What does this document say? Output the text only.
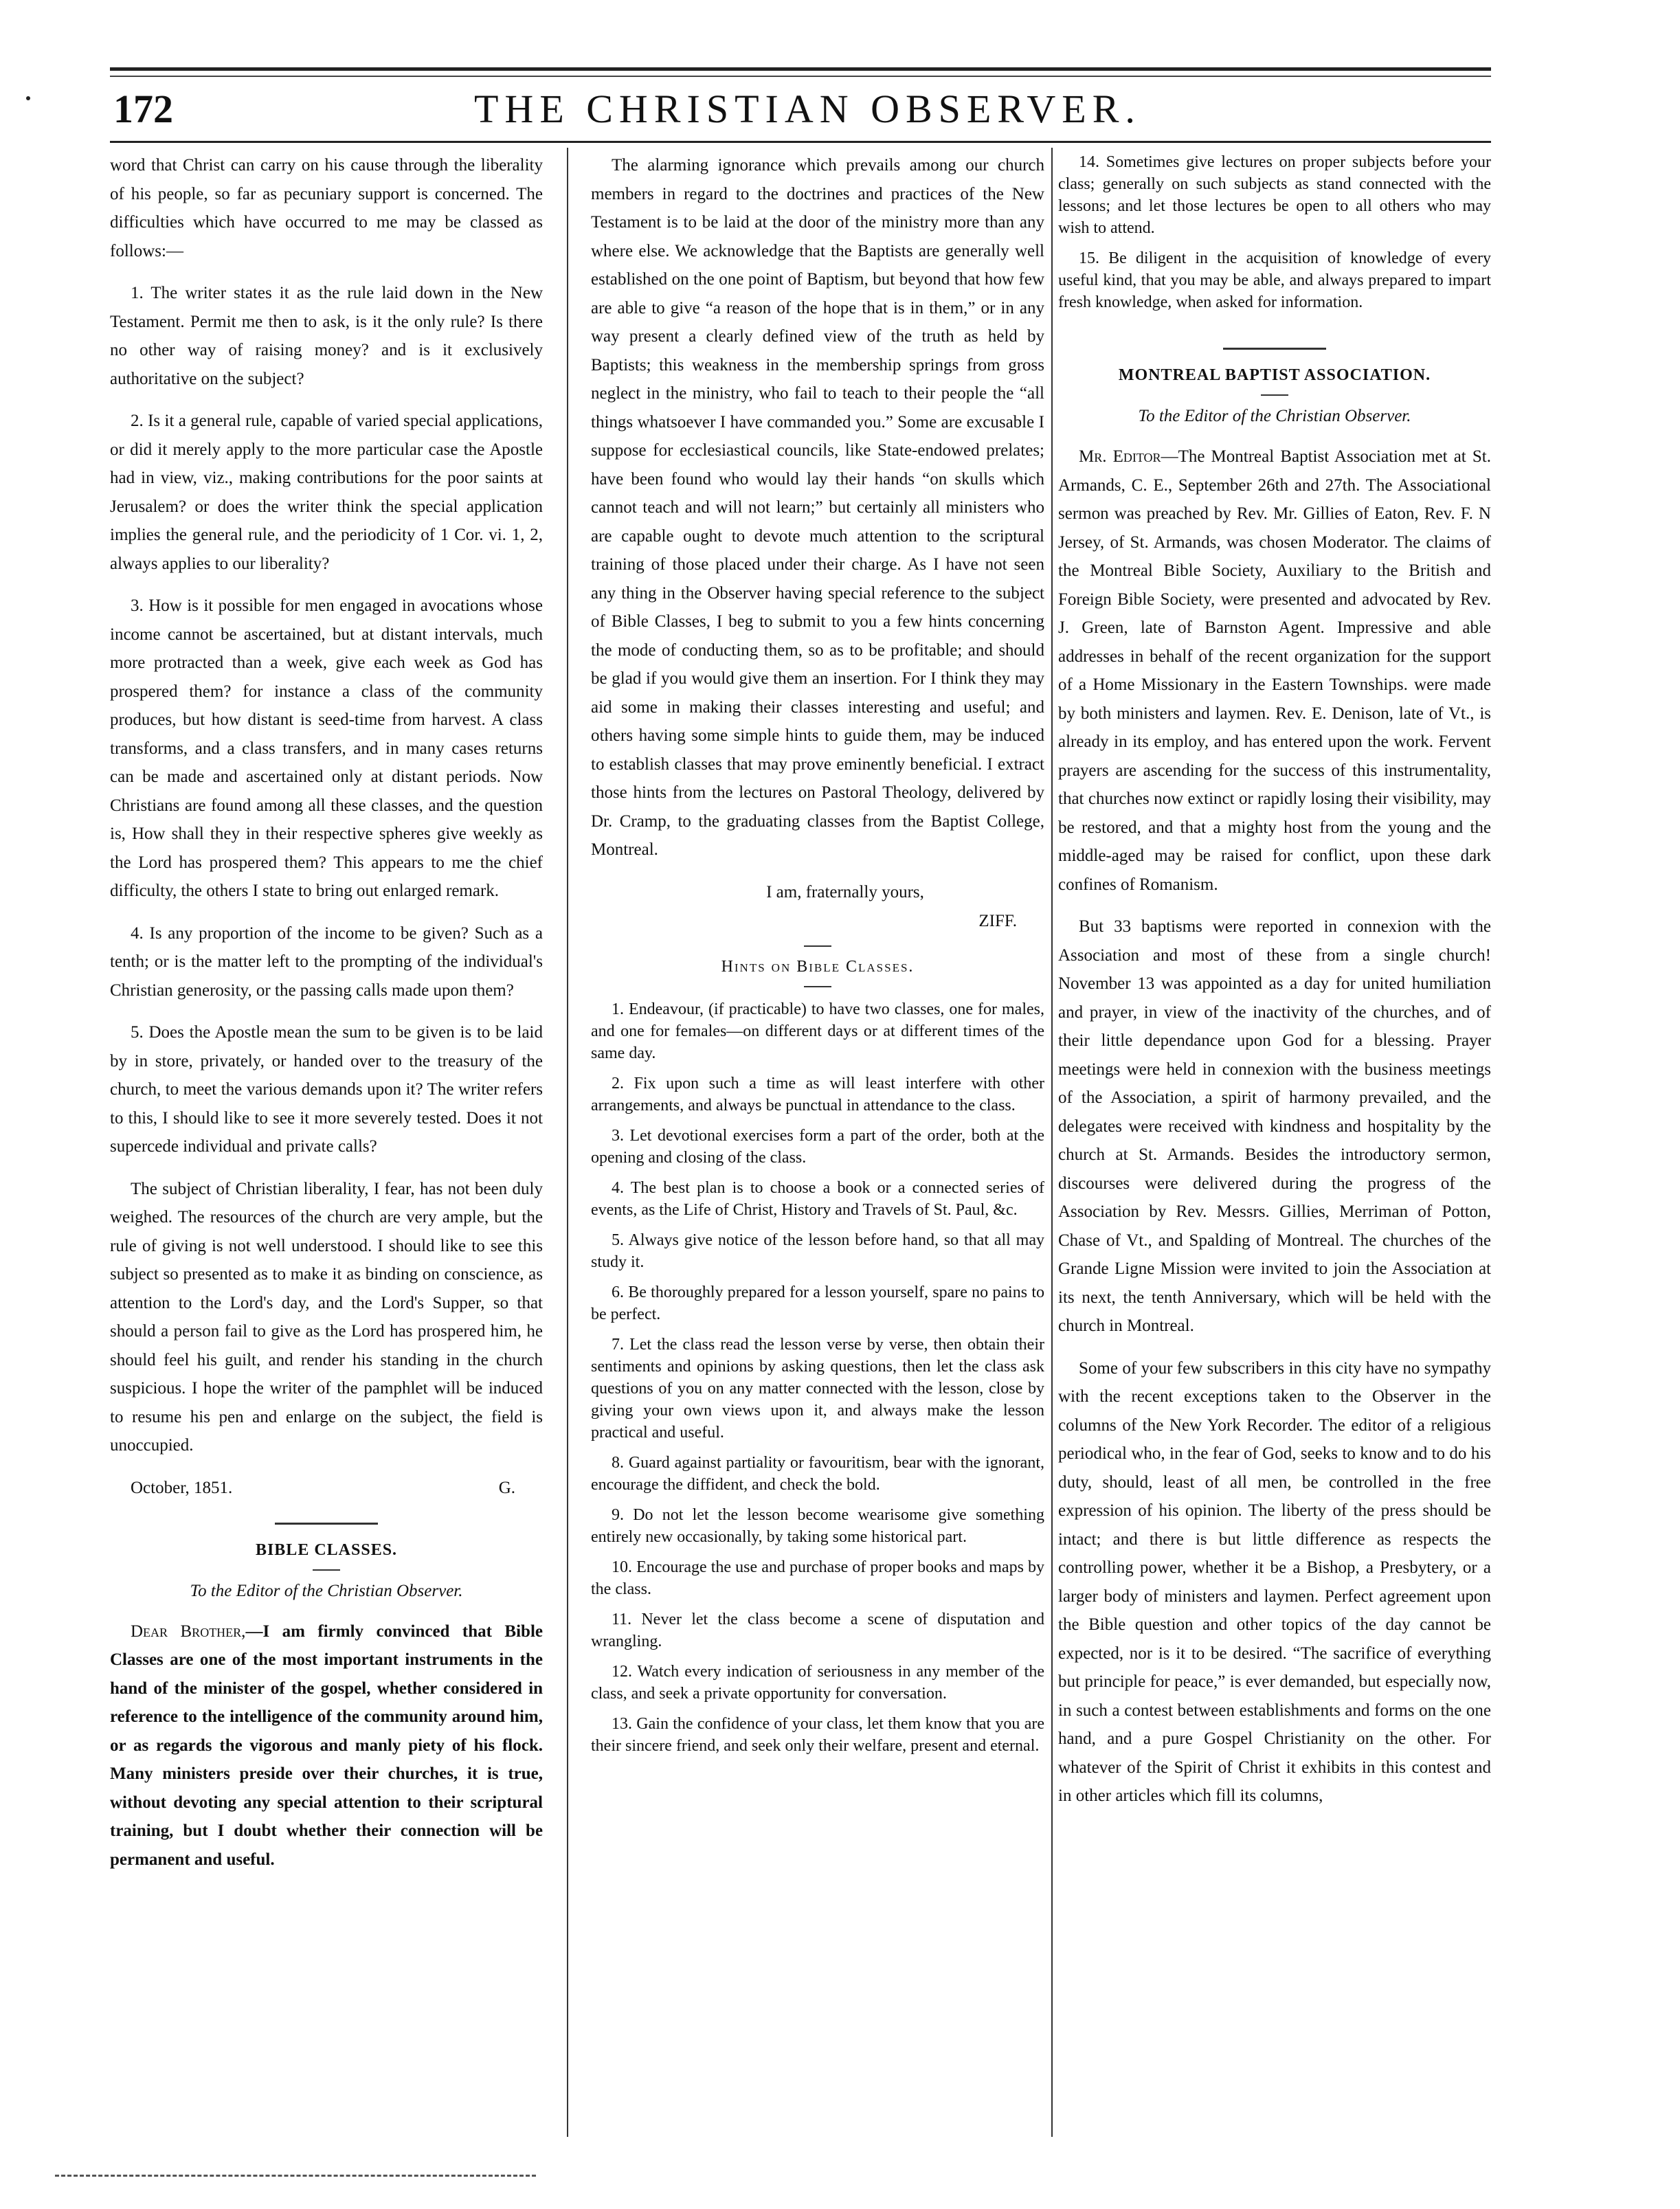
172	THE CHRISTIAN OBSERVER.

word that Christ can carry on his cause through the liberality of his people, so far as pecuniary support is concerned. The difficulties which have occurred to me may be classed as follows:—

1. The writer states it as the rule laid down in the New Testament. Permit me then to ask, is it the only rule? Is there no other way of raising money? and is it exclusively authoritative on the subject?

2. Is it a general rule, capable of varied special applications, or did it merely apply to the more particular case the Apostle had in view, viz., making contributions for the poor saints at Jerusalem? or does the writer think the special application implies the general rule, and the periodicity of 1 Cor. vi. 1, 2, always applies to our liberality?

3. How is it possible for men engaged in avocations whose income cannot be ascertained, but at distant intervals, much more protracted than a week, give each week as God has prospered them? for instance a class of the community produces, but how distant is seed-time from harvest. A class transforms, and a class transfers, and in many cases returns can be made and ascertained only at distant periods. Now Christians are found among all these classes, and the question is, How shall they in their respective spheres give weekly as the Lord has prospered them? This appears to me the chief difficulty, the others I state to bring out enlarged remark.

4. Is any proportion of the income to be given? Such as a tenth; or is the matter left to the prompting of the individual's Christian generosity, or the passing calls made upon them?

5. Does the Apostle mean the sum to be given is to be laid by in store, privately, or handed over to the treasury of the church, to meet the various demands upon it? The writer refers to this, I should like to see it more severely tested. Does it not supercede individual and private calls?

The subject of Christian liberality, I fear, has not been duly weighed. The resources of the church are very ample, but the rule of giving is not well understood. I should like to see this subject so presented as to make it as binding on conscience, as attention to the Lord's day, and the Lord's Supper, so that should a person fail to give as the Lord has prospered him, he should feel his guilt, and render his standing in the church suspicious. I hope the writer of the pamphlet will be induced to resume his pen and enlarge on the subject, the field is unoccupied.

October, 1851.	G.
BIBLE CLASSES.
To the Editor of the Christian Observer.

Dear Brother,—I am firmly convinced that Bible Classes are one of the most important instruments in the hand of the minister of the gospel, whether considered in reference to the intelligence of the community around him, or as regards the vigorous and manly piety of his flock. Many ministers preside over their churches, it is true, without devoting any special attention to their scriptural training, but I doubt whether their connection will be permanent and useful.

The alarming ignorance which prevails among our church members in regard to the doctrines and practices of the New Testament is to be laid at the door of the ministry more than any where else. We acknowledge that the Baptists are generally well established on the one point of Baptism, but beyond that how few are able to give “a reason of the hope that is in them,” or in any way present a clearly defined view of the truth as held by Baptists; this weakness in the membership springs from gross neglect in the ministry, who fail to teach to their people the “all things whatsoever I have commanded you.” Some are excusable I suppose for ecclesiastical councils, like State-endowed prelates; have been found who would lay their hands “on skulls which cannot teach and will not learn;” but certainly all ministers who are capable ought to devote much attention to the scriptural training of those placed under their charge. As I have not seen any thing in the Observer having special reference to the subject of Bible Classes, I beg to submit to you a few hints concerning the mode of conducting them, so as to be profitable; and should be glad if you would give them an insertion. For I think they may aid some in making their classes interesting and useful; and others having some simple hints to guide them, may be induced to establish classes that may prove eminently beneficial. I extract those hints from the lectures on Pastoral Theology, delivered by Dr. Cramp, to the graduating classes from the Baptist College, Montreal.

I am, fraternally yours,
ZIFF.
Hints on Bible Classes.

1. Endeavour, (if practicable) to have two classes, one for males, and one for females—on different days or at different times of the same day.

2. Fix upon such a time as will least interfere with other arrangements, and always be punctual in attendance to the class.

3. Let devotional exercises form a part of the order, both at the opening and closing of the class.

4. The best plan is to choose a book or a connected series of events, as the Life of Christ, History and Travels of St. Paul, &c.

5. Always give notice of the lesson before hand, so that all may study it.

6. Be thoroughly prepared for a lesson yourself, spare no pains to be perfect.

7. Let the class read the lesson verse by verse, then obtain their sentiments and opinions by asking questions, then let the class ask questions of you on any matter connected with the lesson, close by giving your own views upon it, and always make the lesson practical and useful.

8. Guard against partiality or favouritism, bear with the ignorant, encourage the diffident, and check the bold.

9. Do not let the lesson become wearisome give something entirely new occasionally, by taking some historical part.

10. Encourage the use and purchase of proper books and maps by the class.

11. Never let the class become a scene of disputation and wrangling.

12. Watch every indication of seriousness in any member of the class, and seek a private opportunity for conversation.

13. Gain the confidence of your class, let them know that you are their sincere friend, and seek only their welfare, present and eternal.

14. Sometimes give lectures on proper subjects before your class; generally on such subjects as stand connected with the lessons; and let those lectures be open to all others who may wish to attend.

15. Be diligent in the acquisition of knowledge of every useful kind, that you may be able, and always prepared to impart fresh knowledge, when asked for information.

MONTREAL BAPTIST ASSOCIATION.
To the Editor of the Christian Observer.

Mr. Editor—The Montreal Baptist Association met at St. Armands, C. E., September 26th and 27th. The Associational sermon was preached by Rev. Mr. Gillies of Eaton, Rev. F. N Jersey, of St. Armands, was chosen Moderator. The claims of the Montreal Bible Society, Auxiliary to the British and Foreign Bible Society, were presented and advocated by Rev. J. Green, late of Barnston Agent. Impressive and able addresses in behalf of the recent organization for the support of a Home Missionary in the Eastern Townships. were made by both ministers and laymen. Rev. E. Denison, late of Vt., is already in its employ, and has entered upon the work. Fervent prayers are ascending for the success of this instrumentality, that churches now extinct or rapidly losing their visibility, may be restored, and that a mighty host from the young and the middle-aged may be raised for conflict, upon these dark confines of Romanism.

But 33 baptisms were reported in connexion with the Association and most of these from a single church! November 13 was appointed as a day for united humiliation and prayer, in view of the inactivity of the churches, and of their little dependance upon God for a blessing. Prayer meetings were held in connexion with the business meetings of the Association, a spirit of harmony prevailed, and the delegates were received with kindness and hospitality by the church at St. Armands. Besides the introductory sermon, discourses were delivered during the progress of the Association by Rev. Messrs. Gillies, Merriman of Potton, Chase of Vt., and Spalding of Montreal. The churches of the Grande Ligne Mission were invited to join the Association at its next, the tenth Anniversary, which will be held with the church in Montreal.

Some of your few subscribers in this city have no sympathy with the recent exceptions taken to the Observer in the columns of the New York Recorder. The editor of a religious periodical who, in the fear of God, seeks to know and to do his duty, should, least of all men, be controlled in the free expression of his opinion. The liberty of the press should be intact; and there is but little difference as respects the controlling power, whether it be a Bishop, a Presbytery, or a larger body of ministers and laymen. Perfect agreement upon the Bible question and other topics of the day cannot be expected, nor is it to be desired. “The sacrifice of everything but principle for peace,” is ever demanded, but especially now, in such a contest between establishments and forms on the one hand, and a pure Gospel Christianity on the other. For whatever of the Spirit of Christ it exhibits in this contest and in other articles which fill its columns,
